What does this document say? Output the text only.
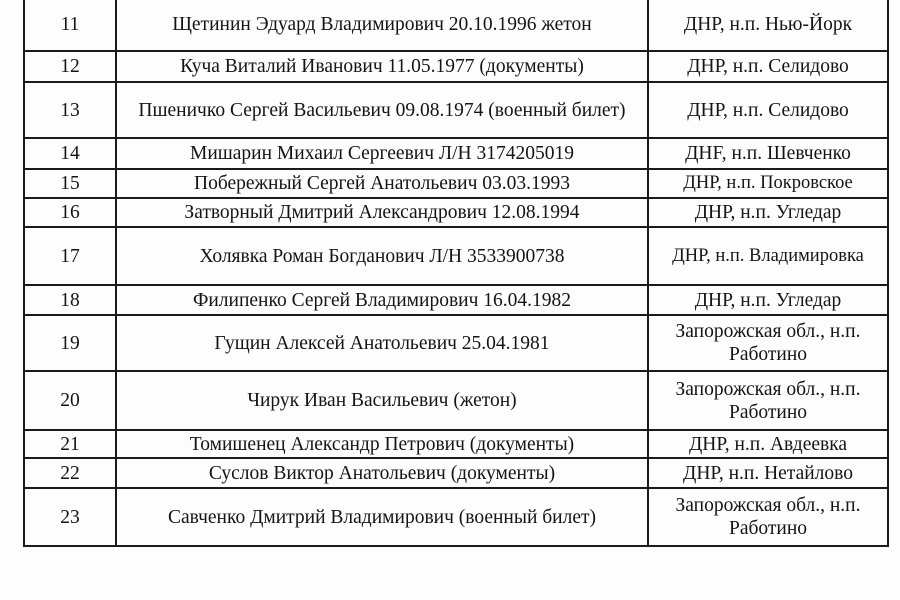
11	Щетинин Эдуард Владимирович 20.10.1996 жетон	ДНР, н.п. Нью-Йорк
12	Куча Виталий Иванович 11.05.1977 (документы)	ДНР, н.п. Селидово
13	Пшеничко Сергей Васильевич 09.08.1974 (военный билет)	ДНР, н.п. Селидово
14	Мишарин Михаил Сергеевич Л/Н 3174205019	ДНF, н.п. Шевченко
15	Побережный Сергей Анатольевич 03.03.1993	ДНР, н.п. Покровское
16	Затворный Дмитрий Александрович 12.08.1994	ДНР, н.п. Угледар
17	Холявка Роман Богданович Л/Н 3533900738	ДНР, н.п. Владимировка
18	Филипенко Сергей Владимирович 16.04.1982	ДНР, н.п. Угледар
19	Гущин Алексей Анатольевич 25.04.1981	Запорожская обл., н.п. Работино
20	Чирук Иван Васильевич (жетон)	Запорожская обл., н.п. Работино
21	Томишенец Александр Петрович (документы)	ДНР, н.п. Авдеевка
22	Суслов Виктор Анатольевич (документы)	ДНР, н.п. Нетайлово
23	Савченко Дмитрий Владимирович (военный билет)	Запорожская обл., н.п. Работино
